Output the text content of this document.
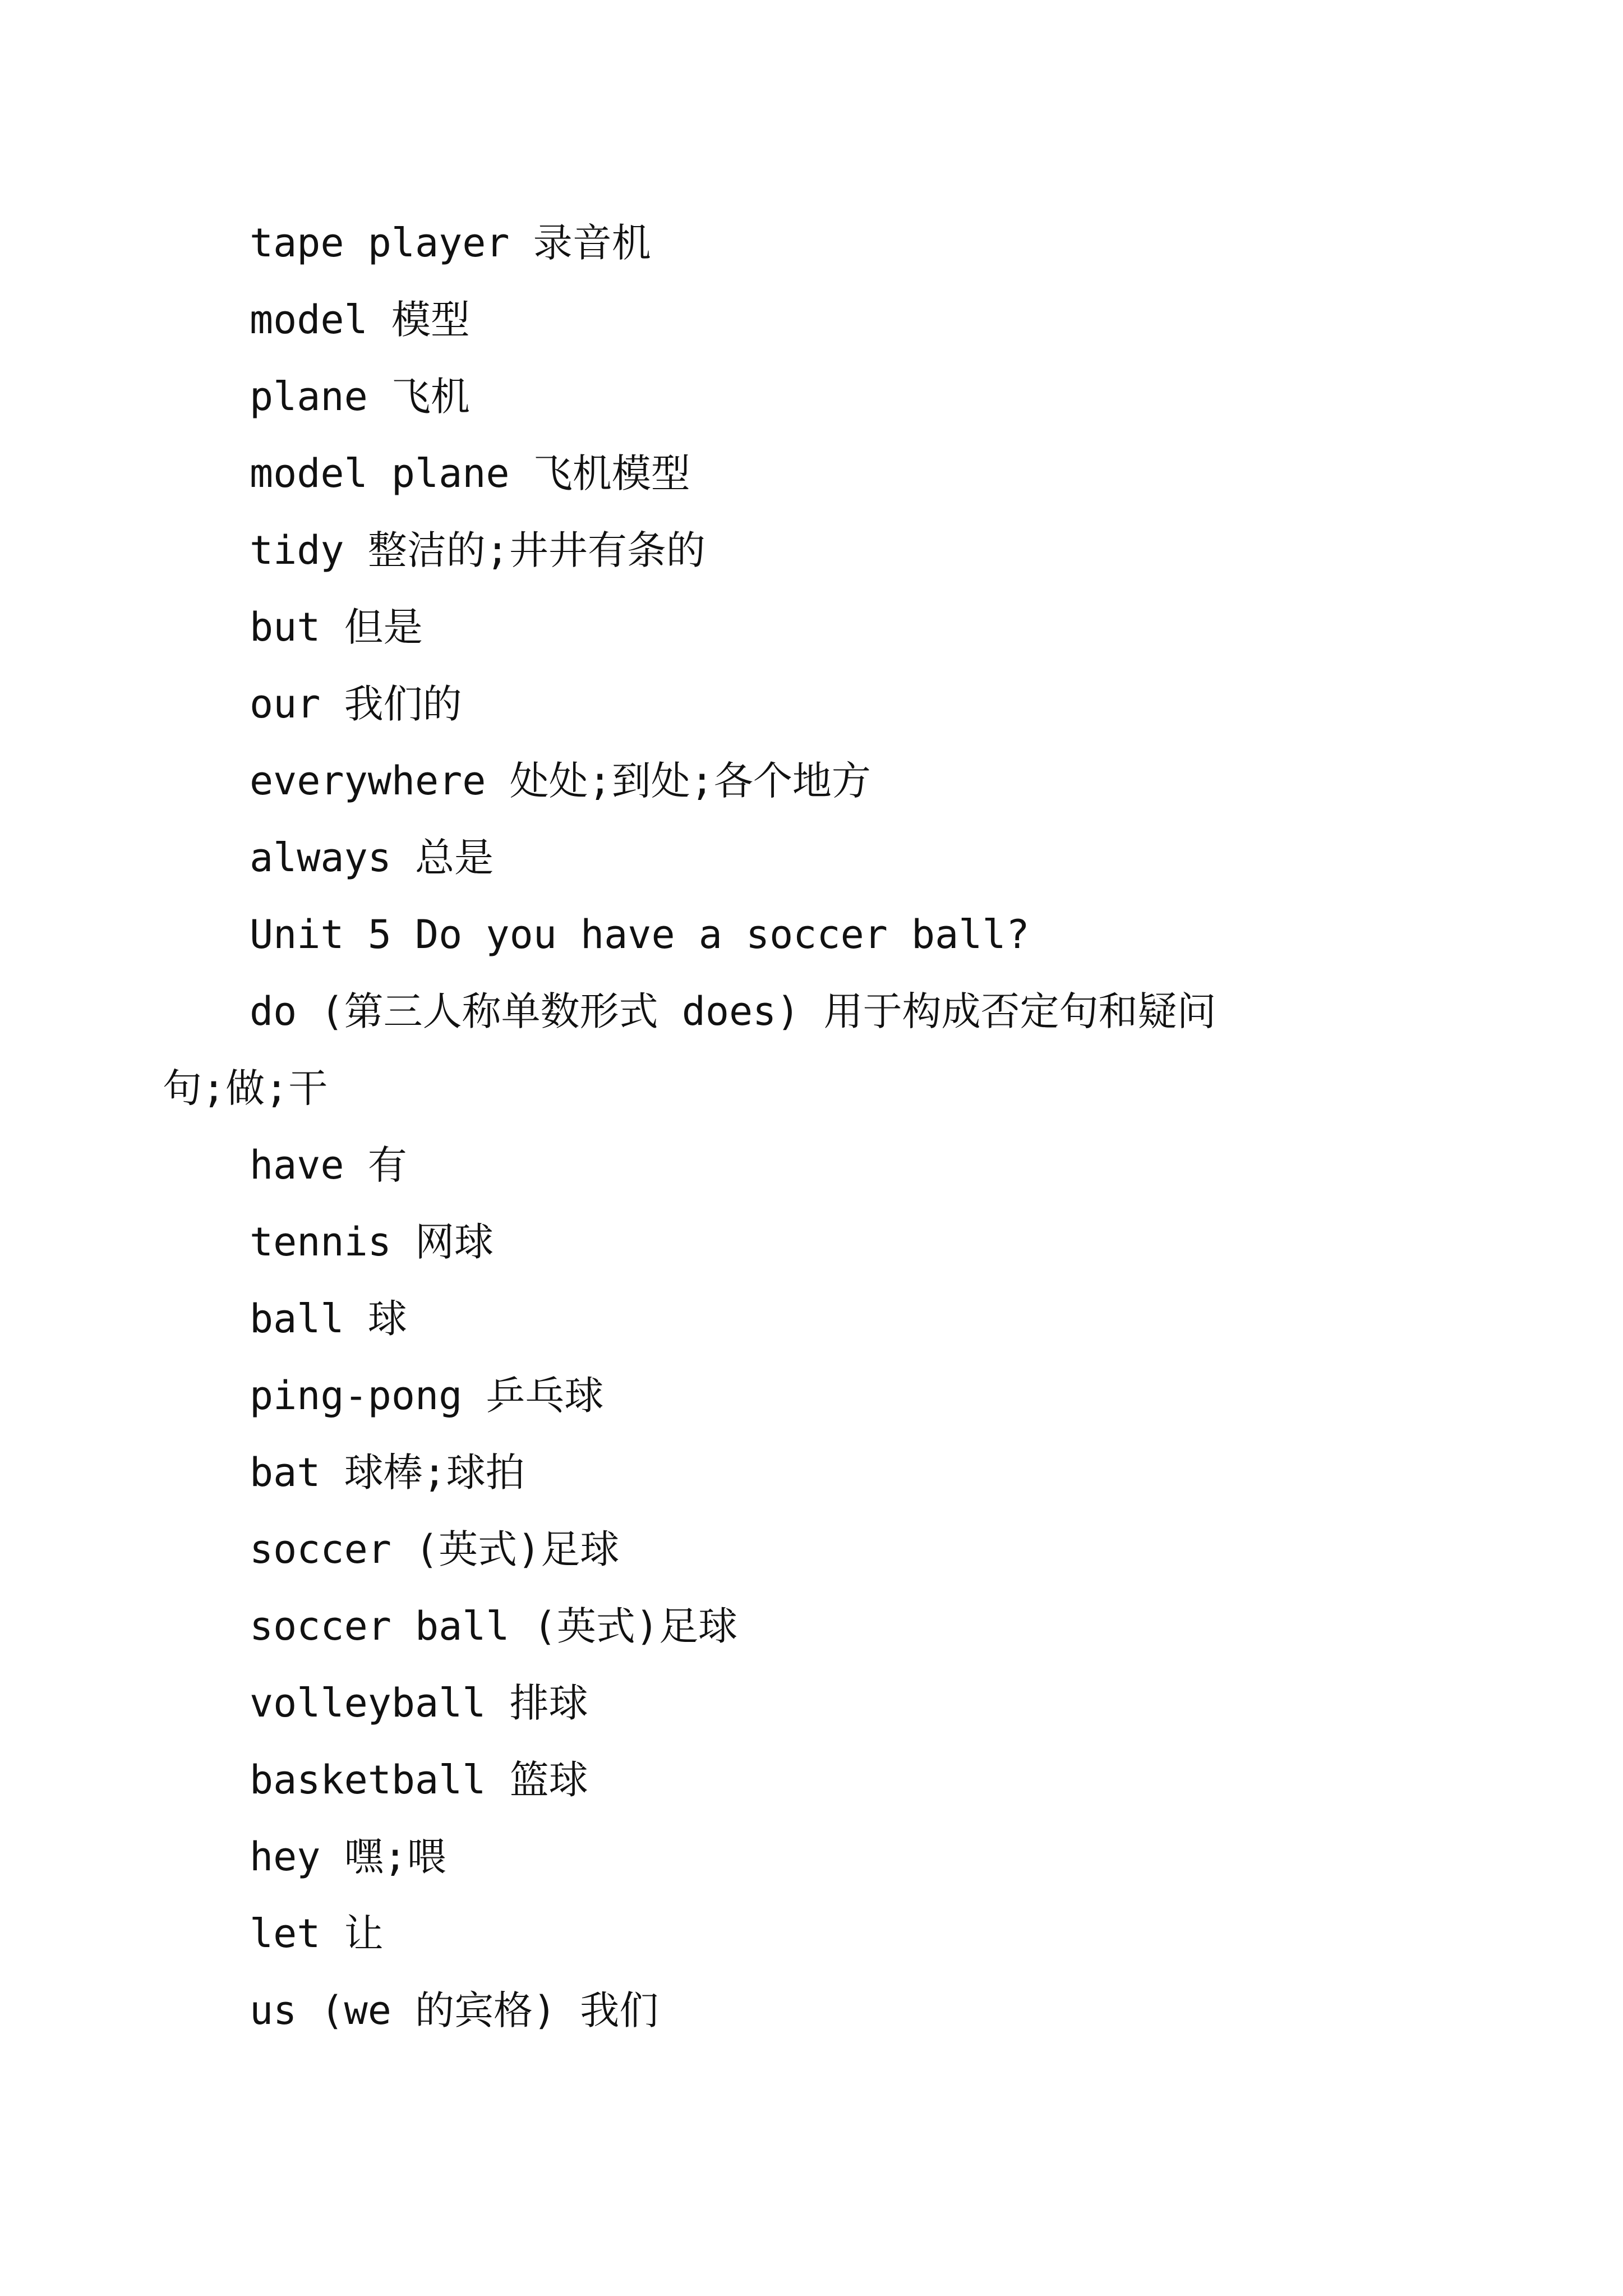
tape player 录音机
model 模型
plane 飞机
model plane 飞机模型
tidy 整洁的;井井有条的
but 但是
our 我们的
everywhere 处处;到处;各个地方
always 总是
Unit 5 Do you have a soccer ball?
do (第三人称单数形式 does) 用于构成否定句和疑问
句;做;干
have 有
tennis 网球
ball 球
ping-pong 乒乓球
bat 球棒;球拍
soccer (英式)足球
soccer ball (英式)足球
volleyball 排球
basketball 篮球
hey 嘿;喂
let 让
us (we 的宾格) 我们
